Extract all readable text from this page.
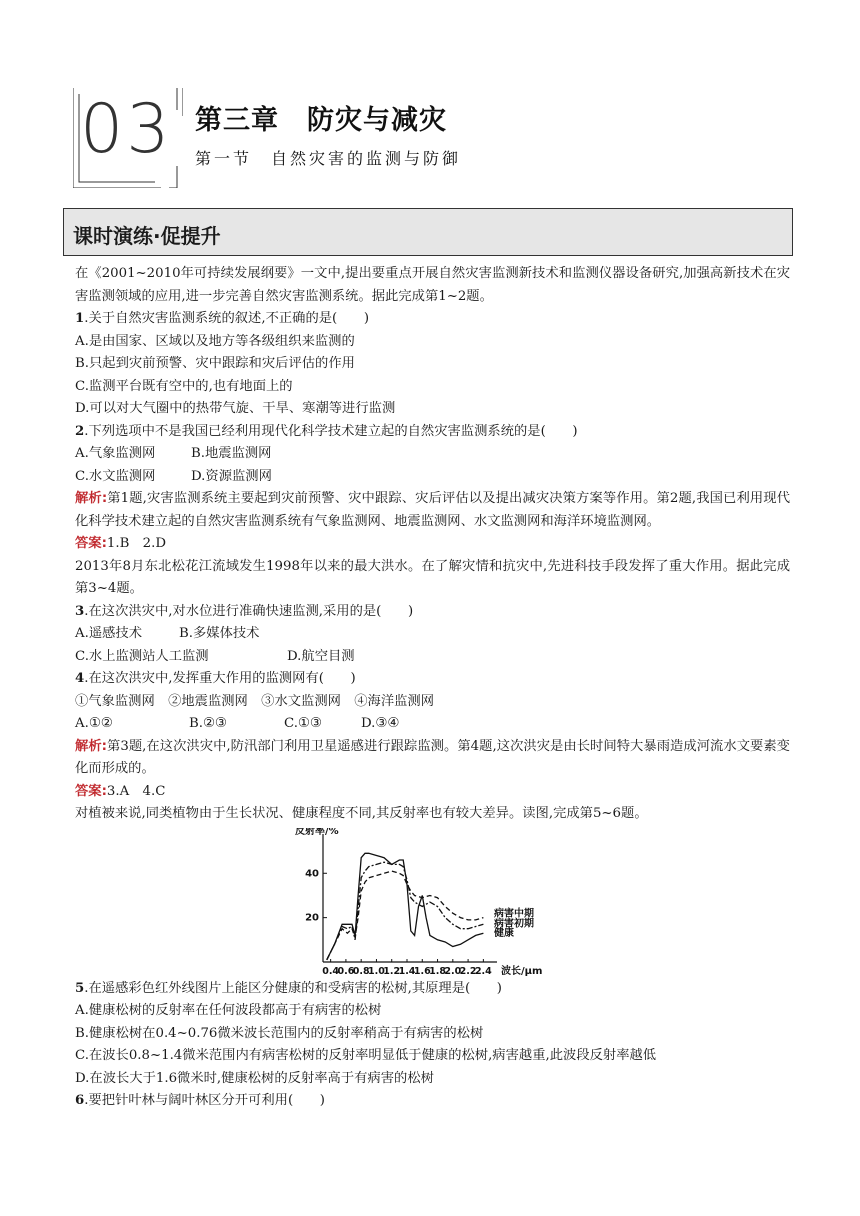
03 第三章　防灾与减灾
第一节　自然灾害的监测与防御
课时演练·促提升

在《2001~2010年可持续发展纲要》一文中,提出要重点开展自然灾害监测新技术和监测仪器设备研究,加强高新技术在灾害监测领域的应用,进一步完善自然灾害监测系统。据此完成第1~2题。

1.关于自然灾害监测系统的叙述,不正确的是(　　)

A.是由国家、区域以及地方等各级组织来监测的

B.只起到灾前预警、灾中跟踪和灾后评估的作用

C.监测平台既有空中的,也有地面上的

D.可以对大气圈中的热带气旋、干旱、寒潮等进行监测

2.下列选项中不是我国已经利用现代化科学技术建立起的自然灾害监测系统的是(　　)

A.气象监测网	B.地震监测网

C.水文监测网	D.资源监测网

解析:第1题,灾害监测系统主要起到灾前预警、灾中跟踪、灾后评估以及提出减灾决策方案等作用。第2题,我国已利用现代化科学技术建立起的自然灾害监测系统有气象监测网、地震监测网、水文监测网和海洋环境监测网。

答案:1.B　2.D

2013年8月东北松花江流域发生1998年以来的最大洪水。在了解灾情和抗灾中,先进科技手段发挥了重大作用。据此完成第3~4题。

3.在这次洪灾中,对水位进行准确快速监测,采用的是(　　)

A.遥感技术	B.多媒体技术

C.水上监测站人工监测	D.航空目测

4.在这次洪灾中,发挥重大作用的监测网有(　　)

①气象监测网　②地震监测网　③水文监测网　④海洋监测网

A.①②	B.②③	C.①③	D.③④

解析:第3题,在这次洪灾中,防汛部门利用卫星遥感进行跟踪监测。第4题,这次洪灾是由长时间特大暴雨造成河流水文要素变化而形成的。

答案:3.A　4.C

对植被来说,同类植物由于生长状况、健康程度不同,其反射率也有较大差异。读图,完成第5~6题。

反射率/%
20
40
0.4
0.6
0.8
1.0
1.2
1.4
1.6
1.8
2.0
2.2
2.4 波长/μm
病害中期
病害初期
健康

5.在遥感彩色红外线图片上能区分健康的和受病害的松树,其原理是(　　)

A.健康松树的反射率在任何波段都高于有病害的松树

B.健康松树在0.4~0.76微米波长范围内的反射率稍高于有病害的松树

C.在波长0.8~1.4微米范围内有病害松树的反射率明显低于健康的松树,病害越重,此波段反射率越低

D.在波长大于1.6微米时,健康松树的反射率高于有病害的松树

6.要把针叶林与阔叶林区分开可利用(　　)
